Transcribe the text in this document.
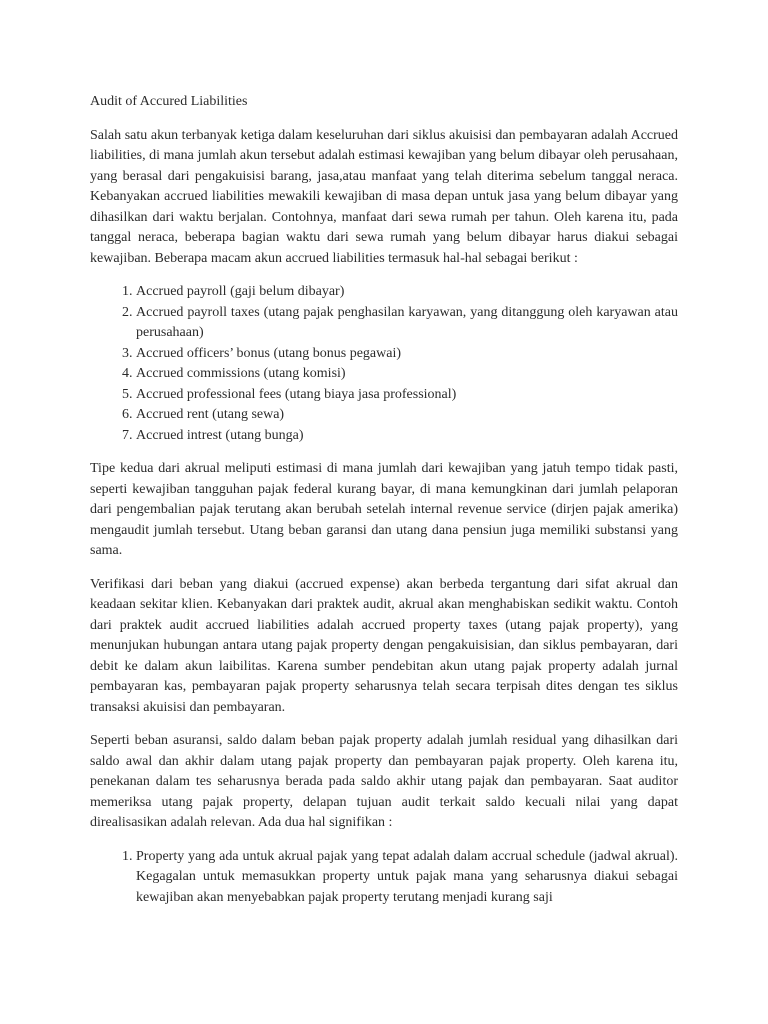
Audit of Accured Liabilities

Salah satu akun terbanyak ketiga dalam keseluruhan dari siklus akuisisi dan pembayaran adalah Accrued liabilities, di mana jumlah akun tersebut adalah estimasi kewajiban yang belum dibayar oleh perusahaan, yang berasal dari pengakuisisi barang, jasa,atau manfaat yang telah diterima sebelum tanggal neraca. Kebanyakan accrued liabilities mewakili kewajiban di masa depan untuk jasa yang belum dibayar yang dihasilkan dari waktu berjalan. Contohnya, manfaat dari sewa rumah per tahun. Oleh karena itu, pada tanggal neraca, beberapa bagian waktu dari sewa rumah yang belum dibayar harus diakui sebagai kewajiban. Beberapa macam akun accrued liabilities termasuk hal-hal sebagai berikut :

1. Accrued payroll (gaji belum dibayar)
2. Accrued payroll taxes (utang pajak penghasilan karyawan, yang ditanggung oleh karyawan atau perusahaan)
3. Accrued officers’ bonus (utang bonus pegawai)
4. Accrued commissions (utang komisi)
5. Accrued professional fees (utang biaya jasa professional)
6. Accrued rent (utang sewa)
7. Accrued intrest (utang bunga)

Tipe kedua dari akrual meliputi estimasi di mana jumlah dari kewajiban yang jatuh tempo tidak pasti, seperti kewajiban tangguhan pajak federal kurang bayar, di mana kemungkinan dari jumlah pelaporan dari pengembalian pajak terutang akan berubah setelah internal revenue service (dirjen pajak amerika) mengaudit jumlah tersebut. Utang beban garansi dan utang dana pensiun juga memiliki substansi yang sama.

Verifikasi dari beban yang diakui (accrued expense) akan berbeda tergantung dari sifat akrual dan keadaan sekitar klien. Kebanyakan dari praktek audit, akrual akan menghabiskan sedikit waktu. Contoh dari praktek audit accrued liabilities adalah accrued property taxes (utang pajak property), yang menunjukan hubungan antara utang pajak property dengan pengakuisisian, dan siklus pembayaran, dari debit ke dalam akun laibilitas. Karena sumber pendebitan akun utang pajak property adalah jurnal pembayaran kas, pembayaran pajak property seharusnya telah secara terpisah dites dengan tes siklus transaksi akuisisi dan pembayaran.

Seperti beban asuransi, saldo dalam beban pajak property adalah jumlah residual yang dihasilkan dari saldo awal dan akhir dalam utang pajak property dan pembayaran pajak property. Oleh karena itu, penekanan dalam tes seharusnya berada pada saldo akhir utang pajak dan pembayaran. Saat auditor memeriksa utang pajak property, delapan tujuan audit terkait saldo kecuali nilai yang dapat direalisasikan adalah relevan. Ada dua hal signifikan :

1. Property yang ada untuk akrual pajak yang tepat adalah dalam accrual schedule (jadwal akrual). Kegagalan untuk memasukkan property untuk pajak mana yang seharusnya diakui sebagai kewajiban akan menyebabkan pajak property terutang menjadi kurang saji
